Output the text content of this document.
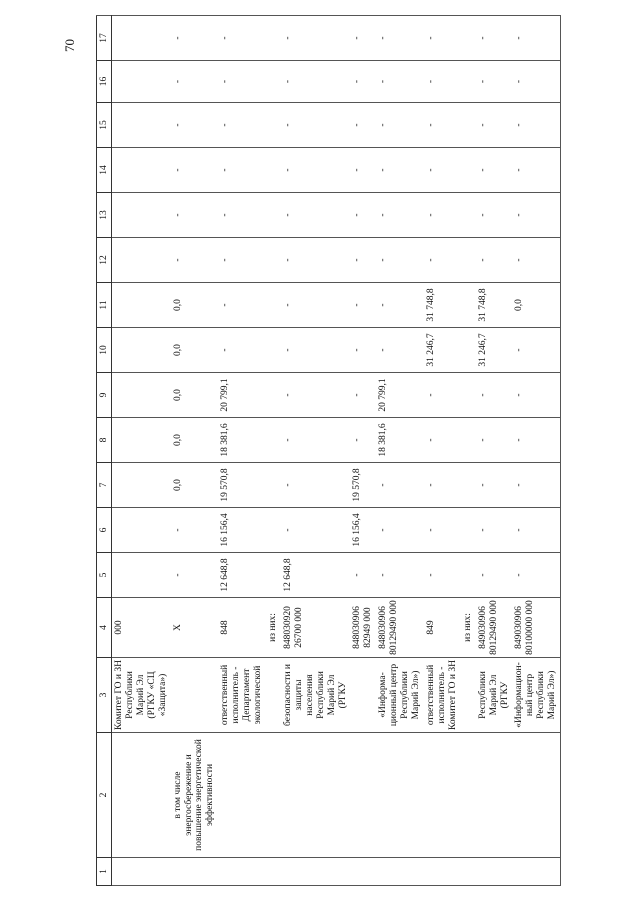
70
1	2	3	4	5	6	7	8	9	10	11	12	13	14	15	16	17
		Комитет ГО и ЗН Республики Марий Эл (РГКУ «СЦ «Защита»)	000													
	в том числе энергосбережение и повышение энергетической эффективности		Х	-	-	0,0	0,0	0,0	0,0	0,0	-	-	-	-	-	-
		ответственный исполнитель - Департамент экологической	848	12 648,8	16 156,4	19 570,8	18 381,6	20 799,1	-	-	-	-	-	-	-	-
			из них:													
		безопасности и защиты населения Республики Марий Эл (РГКУ	848030920 26700 000	12 648,8	-	-	-	-	-	-	-	-	-	-	-	-
			848030906 82949 000	-	16 156,4	19 570,8	-	-	-	-	-	-	-	-	-	-
		«Информа-ционный центр Республики Марий Эл»)	848030906 80129490 000	-	-	-	18 381,6	20 799,1	-	-	-	-	-	-	-	-
		ответственный исполнитель - Комитет ГО и ЗН	849	-	-	-	-	-	31 246,7	31 748,8	-	-	-	-	-	-
			из них:													
		Республики Марий Эл (РГКУ	849030906 80129490 000	-	-	-	-	-	31 246,7	31 748,8	-	-	-	-	-	-
		«Информацион-ный центр Республики Марий Эл»)	849030906 80100000 000	-	-	-	-	-	-	0,0	-	-	-	-	-	-
